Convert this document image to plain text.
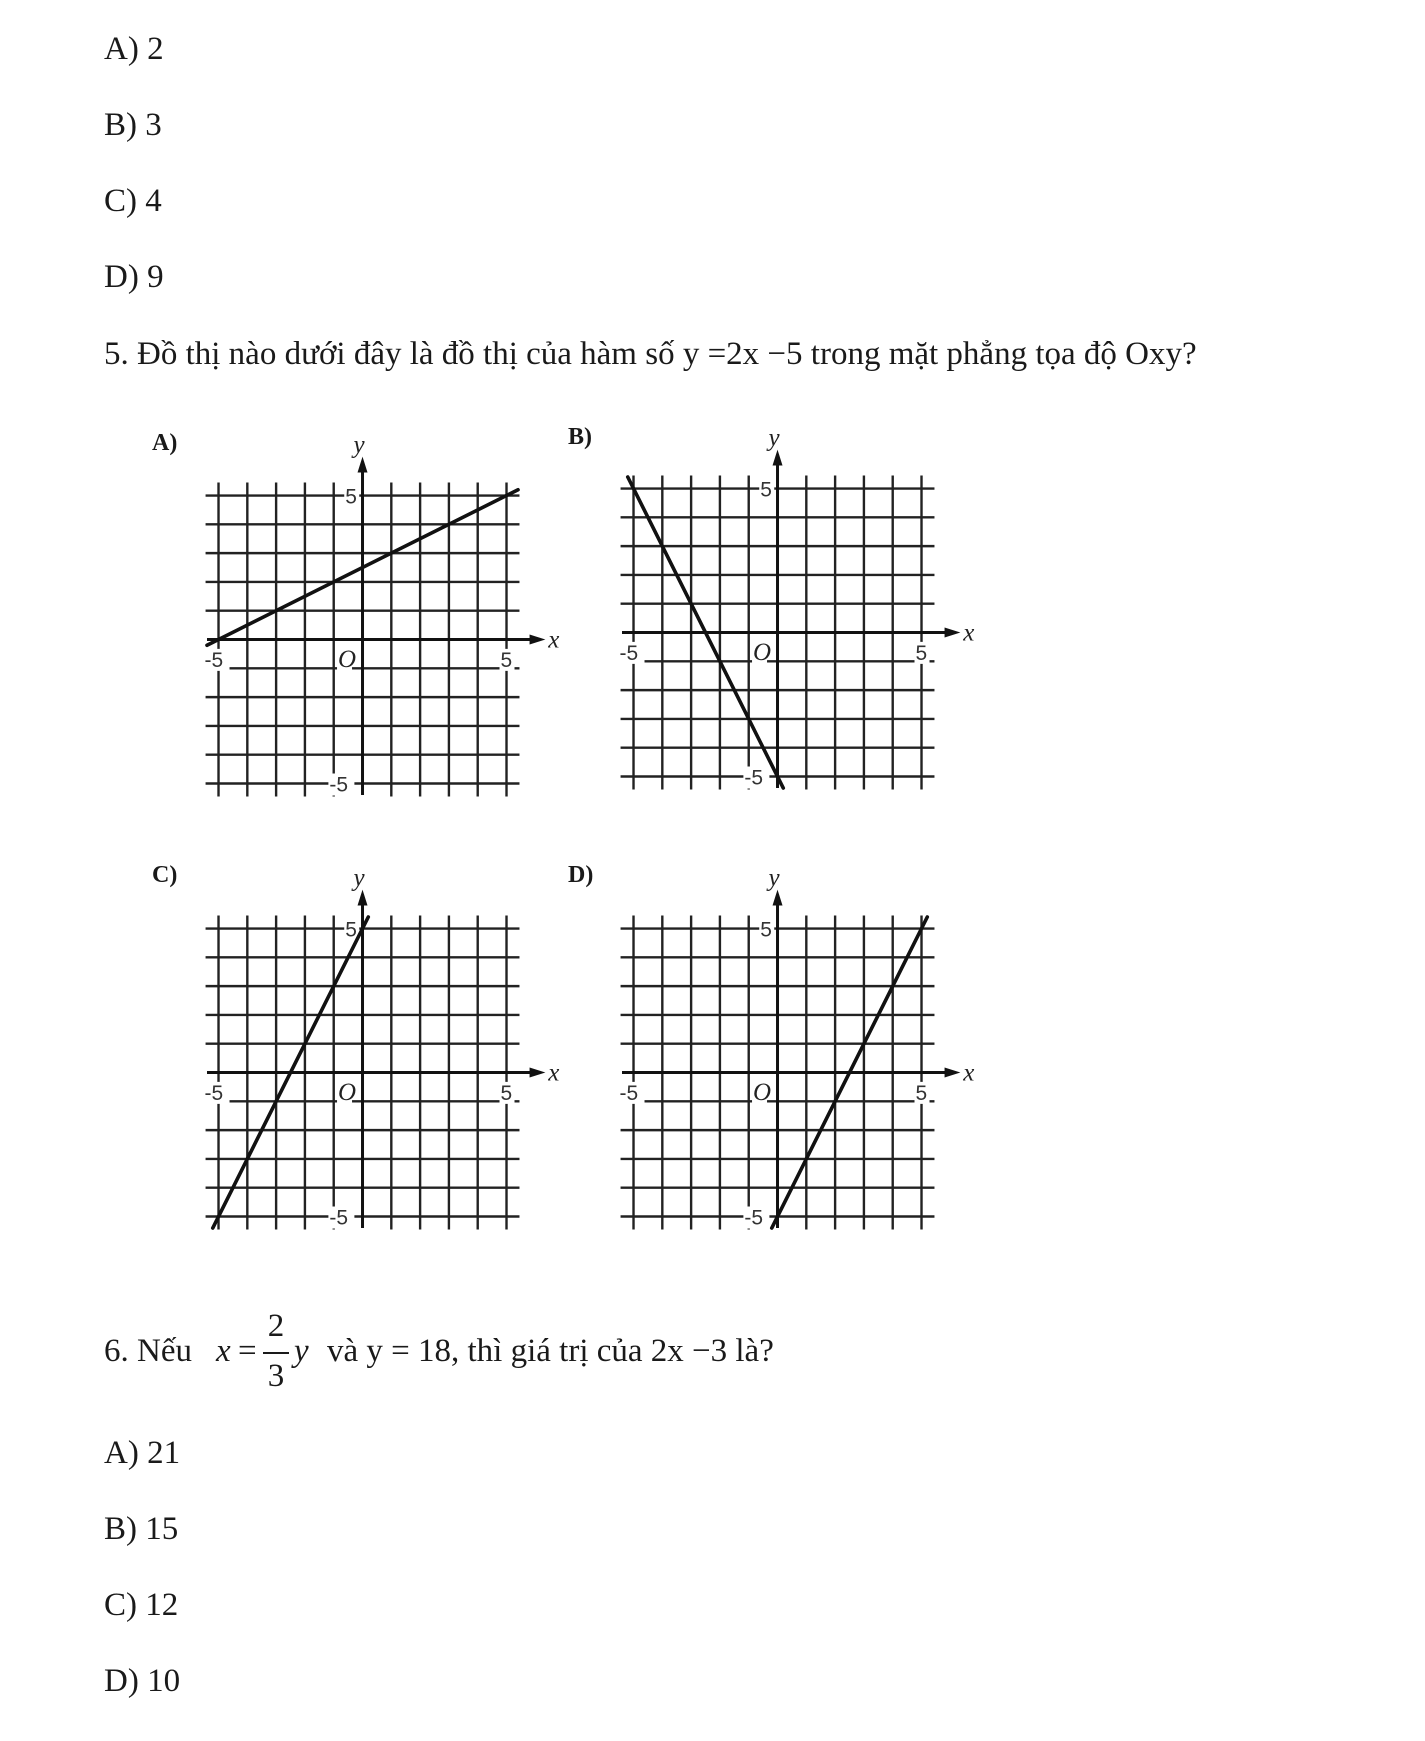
A) 2
B) 3
C) 4
D) 9
5. Đồ thị nào dưới đây là đồ thị của hàm số y =2x −5 trong mặt phẳng tọa độ Oxy?
A)	B)
C)	D)
x
y
O
-5	5
5
-5
x
y
O
-5	5
5
-5
x
y
O
-5	5
5
-5
x
y
O
-5	5
5
-5
6. Nếu x =
2
3
y và y = 18, thì giá trị của 2x −3 là?
A) 21
B) 15
C) 12
D) 10
